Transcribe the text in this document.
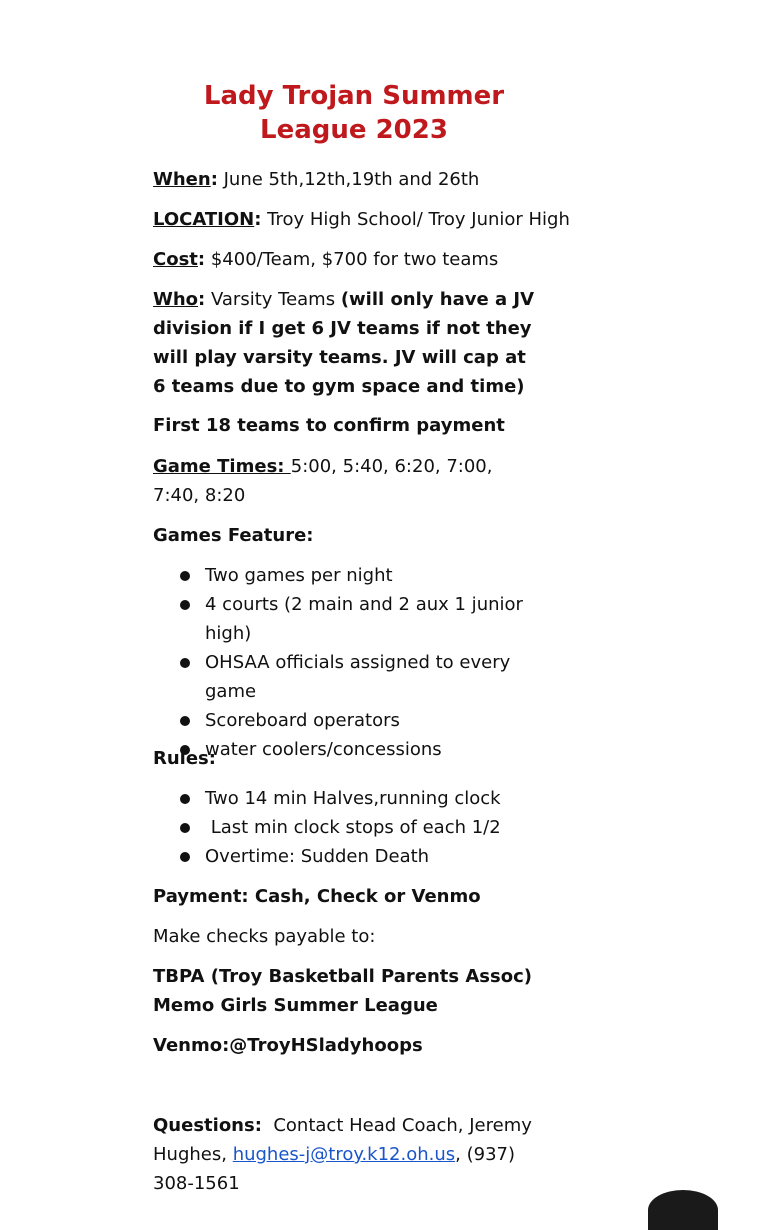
Lady Trojan Summer
League 2023
When: June 5th,12th,19th and 26th
LOCATION: Troy High School/ Troy Junior High
Cost: $400/Team, $700 for two teams
Who: Varsity Teams (will only have a JV division if I get 6 JV teams if not they will play varsity teams. JV will cap at 6 teams due to gym space and time)
First 18 teams to confirm payment
Game Times: 5:00, 5:40, 6:20, 7:00, 7:40, 8:20
Games Feature:
Two games per night
4 courts (2 main and 2 aux 1 junior high)
OHSAA officials assigned to every game
Scoreboard operators
water coolers/concessions
Rules:
Two 14 min Halves,running clock
Last min clock stops of each 1/2
Overtime: Sudden Death
Payment: Cash, Check or Venmo
Make checks payable to:
TBPA (Troy Basketball Parents Assoc) Memo Girls Summer League
Venmo:@TroyHSladyhoops
Questions:  Contact Head Coach, Jeremy Hughes, hughes-j@troy.k12.oh.us, (937) 308-1561
